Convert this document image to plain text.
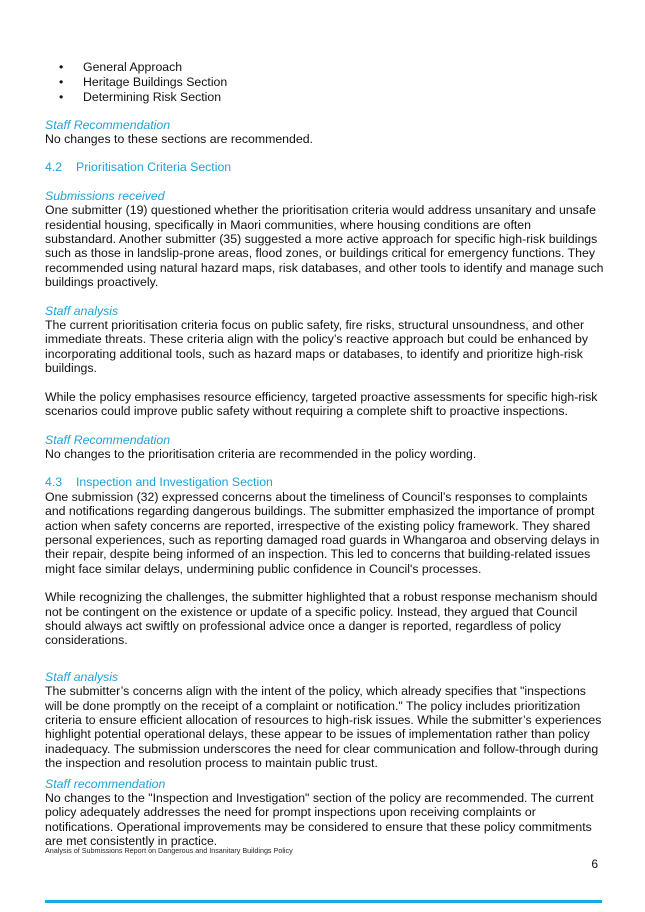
• General Approach
• Heritage Buildings Section
• Determining Risk Section

Staff Recommendation

No changes to these sections are recommended.

4.2 Prioritisation Criteria Section

Submissions received

One submitter (19) questioned whether the prioritisation criteria would address unsanitary and unsafe residential housing, specifically in Maori communities, where housing conditions are often substandard. Another submitter (35) suggested a more active approach for specific high-risk buildings such as those in landslip-prone areas, flood zones, or buildings critical for emergency functions. They recommended using natural hazard maps, risk databases, and other tools to identify and manage such buildings proactively.

Staff analysis

The current prioritisation criteria focus on public safety, fire risks, structural unsoundness, and other immediate threats. These criteria align with the policy’s reactive approach but could be enhanced by incorporating additional tools, such as hazard maps or databases, to identify and prioritize high-risk buildings.

While the policy emphasises resource efficiency, targeted proactive assessments for specific high-risk scenarios could improve public safety without requiring a complete shift to proactive inspections.

Staff Recommendation

No changes to the prioritisation criteria are recommended in the policy wording.

4.3 Inspection and Investigation Section

One submission (32) expressed concerns about the timeliness of Council’s responses to complaints and notifications regarding dangerous buildings. The submitter emphasized the importance of prompt action when safety concerns are reported, irrespective of the existing policy framework. They shared personal experiences, such as reporting damaged road guards in Whangaroa and observing delays in their repair, despite being informed of an inspection. This led to concerns that building-related issues might face similar delays, undermining public confidence in Council's processes.

While recognizing the challenges, the submitter highlighted that a robust response mechanism should not be contingent on the existence or update of a specific policy. Instead, they argued that Council should always act swiftly on professional advice once a danger is reported, regardless of policy considerations.

Staff analysis

The submitter’s concerns align with the intent of the policy, which already specifies that "inspections will be done promptly on the receipt of a complaint or notification." The policy includes prioritization criteria to ensure efficient allocation of resources to high-risk issues. While the submitter’s experiences highlight potential operational delays, these appear to be issues of implementation rather than policy inadequacy. The submission underscores the need for clear communication and follow-through during the inspection and resolution process to maintain public trust.

Staff recommendation

No changes to the "Inspection and Investigation" section of the policy are recommended. The current policy adequately addresses the need for prompt inspections upon receiving complaints or notifications. Operational improvements may be considered to ensure that these policy commitments are met consistently in practice.

Analysis of Submissions Report on Dangerous and Insanitary Buildings Policy
6
